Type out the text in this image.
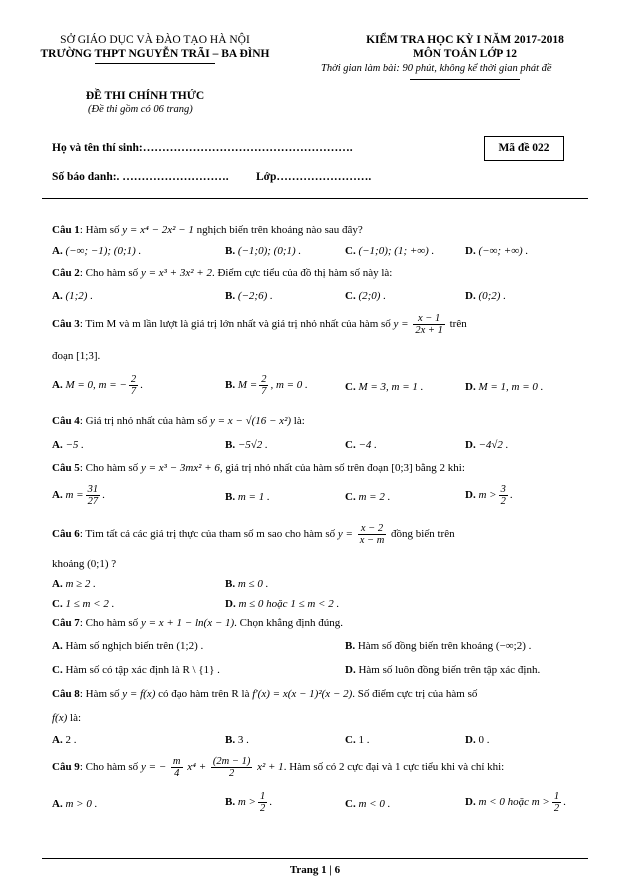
SỞ GIÁO DỤC VÀ ĐÀO TẠO HÀ NỘI
TRƯỜNG THPT NGUYỄN TRÃI – BA ĐÌNH
KIỂM TRA HỌC KỲ I NĂM 2017-2018
MÔN TOÁN LỚP 12
Thời gian làm bài: 90 phút, không kể thời gian phát đề
ĐỀ THI CHÍNH THỨC
(Đề thi gồm có 06 trang)
Họ và tên thí sinh:……………………………………………….	Mã đề 022
Số báo danh:. ………………………. Lớp…………………….
Câu 1: Hàm số y = x⁴ − 2x² − 1 nghịch biến trên khoảng nào sau đây?
A. (−∞; −1); (0;1) .	B. (−1;0); (0;1) .	C. (−1;0); (1; +∞) .	D. (−∞; +∞) .
Câu 2: Cho hàm số y = x³ + 3x² + 2. Điểm cực tiểu của đồ thị hàm số này là:
A. (1;2) .	B. (−2;6) .	C. (2;0) .	D. (0;2) .
Câu 3: Tìm M và m lần lượt là giá trị lớn nhất và giá trị nhỏ nhất của hàm số $y = \frac{x - 1}{2x + 1}$ trên
đoạn [1;3].
A. M = 0, m = − $\frac{2}{7}$ .	B. $M = \frac{2}{7}$ , m = 0 .	C. M = 3, m = 1 .	D. M = 1, m = 0 .
Câu 4: Giá trị nhỏ nhất của hàm số y = x − √(16 − x²) là:
A. −5 .	B. −5√2 .	C. −4 .	D. −4√2 .
Câu 5: Cho hàm số y = x³ − 3mx² + 6, giá trị nhỏ nhất của hàm số trên đoạn [0;3] bằng 2 khi:
A. $m = \frac{31}{27}$ .	B. m = 1 .	C. m = 2 .	D. $m > \frac{3}{2}$ .
Câu 6: Tìm tất cả các giá trị thực của tham số m sao cho hàm số $y = \frac{x - 2}{x - m}$ đồng biến trên
khoảng (0;1) ?
A. m ≥ 2 .	B. m ≤ 0 .
C. 1 ≤ m < 2 .	D. m ≤ 0 hoặc 1 ≤ m < 2 .
Câu 7: Cho hàm số y = x + 1 − ln(x − 1). Chọn khẳng định đúng.
A. Hàm số nghịch biến trên (1;2) .	B. Hàm số đồng biến trên khoảng (−∞;2) .
C. Hàm số có tập xác định là R \ {1} .	D. Hàm số luôn đồng biến trên tập xác định.
Câu 8: Hàm số y = f(x) có đạo hàm trên R là f′(x) = x(x − 1)²(x − 2). Số điểm cực trị của hàm số
f(x) là:
A. 2 .	B. 3 .	C. 1 .	D. 0 .
Câu 9: Cho hàm số y = − $\frac{m}{4} x^4 + \frac{(2m - 1)}{2} x^2 + 1$. Hàm số có 2 cực đại và 1 cực tiểu khi và chỉ khi:
A. m > 0 .	B. $m > \frac{1}{2}$ .	C. m < 0 .	D. m < 0 hoặc $m > \frac{1}{2}$ .
Trang 1 | 6
